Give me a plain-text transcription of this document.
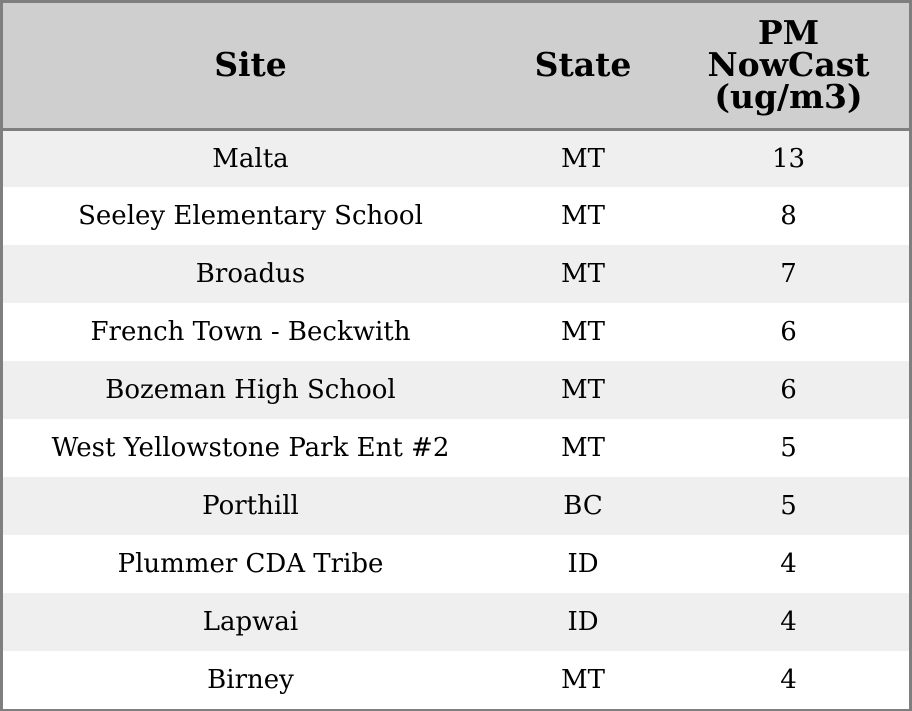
Site	State	PM
NowCast
(ug/m3)

Malta	MT	13
Seeley Elementary School	MT	8
Broadus	MT	7
French Town - Beckwith	MT	6
Bozeman High School	MT	6
West Yellowstone Park Ent #2	MT	5
Porthill	BC	5
Plummer CDA Tribe	ID	4
Lapwai	ID	4
Birney	MT	4
